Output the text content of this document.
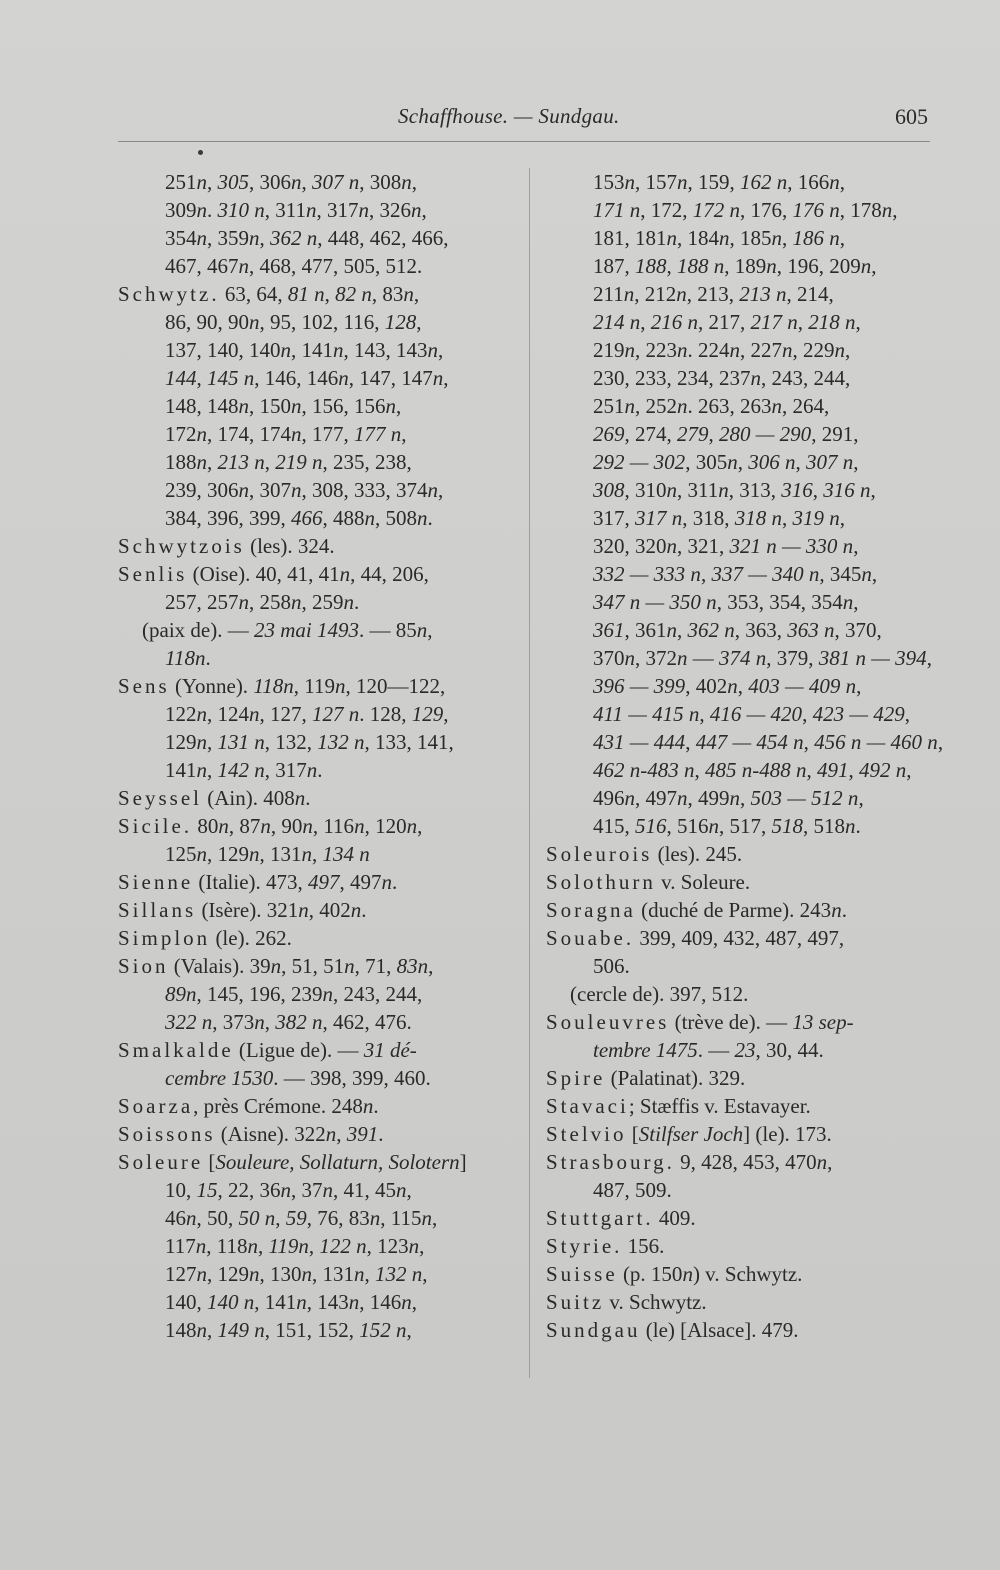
Schaffhouse. — Sundgau.	605
251n, 305, 306n, 307 n, 308n,
309n. 310 n, 311n, 317n, 326n,
354n, 359n, 362 n, 448, 462, 466,
467, 467n, 468, 477, 505, 512.
Schwytz. 63, 64, 81 n, 82 n, 83n,
86, 90, 90n, 95, 102, 116, 128,
137, 140, 140n, 141n, 143, 143n,
144, 145 n, 146, 146n, 147, 147n,
148, 148n, 150n, 156, 156n,
172n, 174, 174n, 177, 177 n,
188n, 213 n, 219 n, 235, 238,
239, 306n, 307n, 308, 333, 374n,
384, 396, 399, 466, 488n, 508n.
Schwytzois (les). 324.
Senlis (Oise). 40, 41, 41n, 44, 206,
257, 257n, 258n, 259n.
(paix de). — 23 mai 1493. — 85n,
118n.
Sens (Yonne). 118n, 119n, 120—122,
122n, 124n, 127, 127 n. 128, 129,
129n, 131 n, 132, 132 n, 133, 141,
141n, 142 n, 317n.
Seyssel (Ain). 408n.
Sicile. 80n, 87n, 90n, 116n, 120n,
125n, 129n, 131n, 134 n
Sienne (Italie). 473, 497, 497n.
Sillans (Isère). 321n, 402n.
Simplon (le). 262.
Sion (Valais). 39n, 51, 51n, 71, 83n,
89n, 145, 196, 239n, 243, 244,
322 n, 373n, 382 n, 462, 476.
Smalkalde (Ligue de). — 31 dé-
cembre 1530. — 398, 399, 460.
Soarza, près Crémone. 248n.
Soissons (Aisne). 322n, 391.
Soleure [Souleure, Sollaturn, Solotern]
10, 15, 22, 36n, 37n, 41, 45n,
46n, 50, 50 n, 59, 76, 83n, 115n,
117n, 118n, 119n, 122 n, 123n,
127n, 129n, 130n, 131n, 132 n,
140, 140 n, 141n, 143n, 146n,
148n, 149 n, 151, 152, 152 n,
153n, 157n, 159, 162 n, 166n,
171 n, 172, 172 n, 176, 176 n, 178n,
181, 181n, 184n, 185n, 186 n,
187, 188, 188 n, 189n, 196, 209n,
211n, 212n, 213, 213 n, 214,
214 n, 216 n, 217, 217 n, 218 n,
219n, 223n. 224n, 227n, 229n,
230, 233, 234, 237n, 243, 244,
251n, 252n. 263, 263n, 264,
269, 274, 279, 280 — 290, 291,
292 — 302, 305n, 306 n, 307 n,
308, 310n, 311n, 313, 316, 316 n,
317, 317 n, 318, 318 n, 319 n,
320, 320n, 321, 321 n — 330 n,
332 — 333 n, 337 — 340 n, 345n,
347 n — 350 n, 353, 354, 354n,
361, 361n, 362 n, 363, 363 n, 370,
370n, 372n — 374 n, 379, 381 n — 394,
396 — 399, 402n, 403 — 409 n,
411 — 415 n, 416 — 420, 423 — 429,
431 — 444, 447 — 454 n, 456 n — 460 n,
462 n-483 n, 485 n-488 n, 491, 492 n,
496n, 497n, 499n, 503 — 512 n,
415, 516, 516n, 517, 518, 518n.
Soleurois (les). 245.
Solothurn v. Soleure.
Soragna (duché de Parme). 243n.
Souabe. 399, 409, 432, 487, 497,
506.
(cercle de). 397, 512.
Souleuvres (trève de). — 13 sep-
tembre 1475. — 23, 30, 44.
Spire (Palatinat). 329.
Stavaci; Stæffis v. Estavayer.
Stelvio [Stilfser Joch] (le). 173.
Strasbourg. 9, 428, 453, 470n,
487, 509.
Stuttgart. 409.
Styrie. 156.
Suisse (p. 150n) v. Schwytz.
Suitz v. Schwytz.
Sundgau (le) [Alsace]. 479.
